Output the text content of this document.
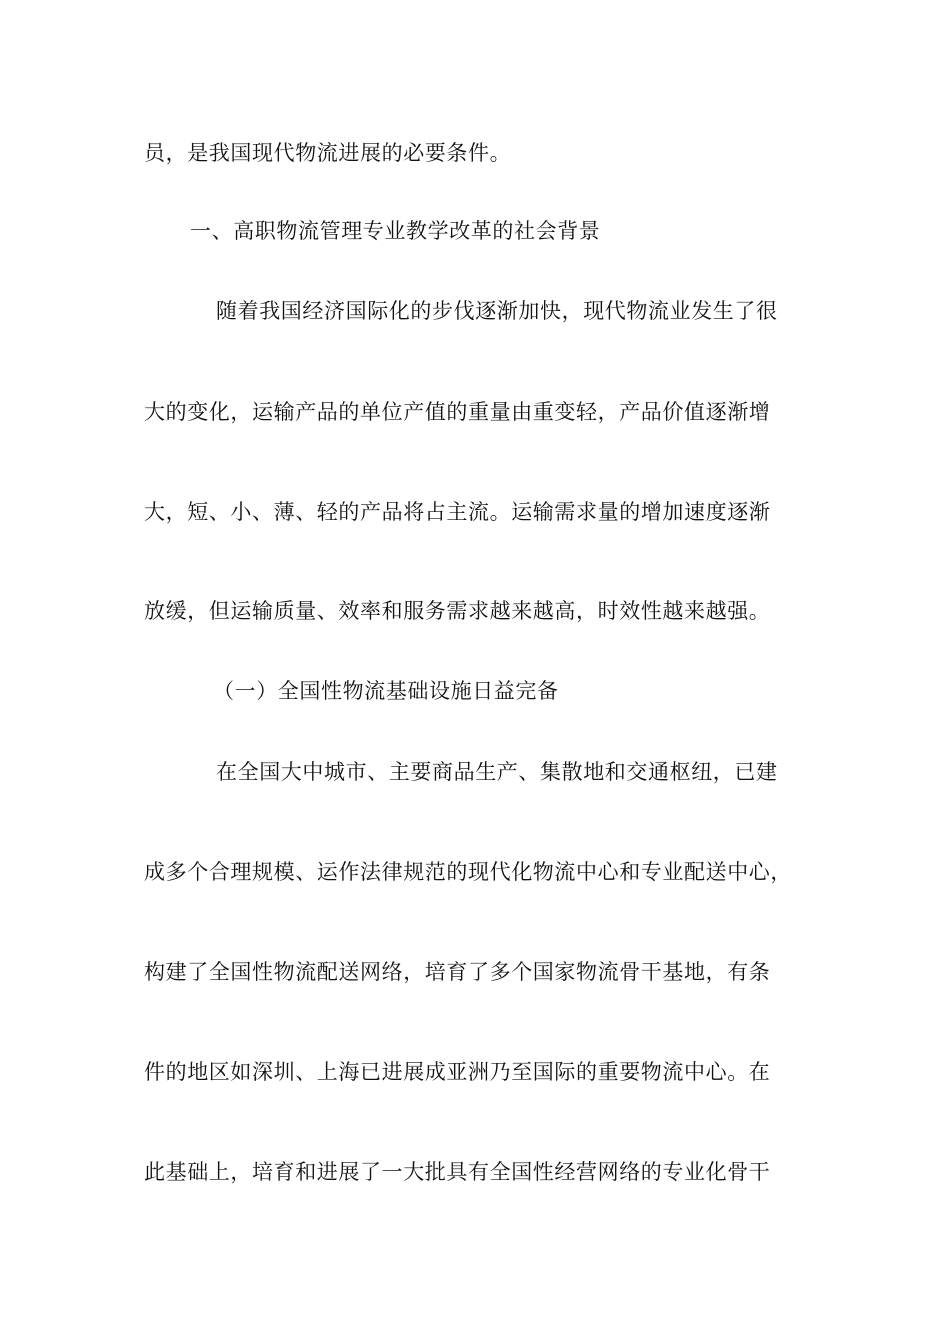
员，是我国现代物流进展的必要条件。
一、高职物流管理专业教学改革的社会背景
随着我国经济国际化的步伐逐渐加快，现代物流业发生了很
大的变化，运输产品的单位产值的重量由重变轻，产品价值逐渐增
大，短、小、薄、轻的产品将占主流。运输需求量的增加速度逐渐
放缓，但运输质量、效率和服务需求越来越高，时效性越来越强。
（一）全国性物流基础设施日益完备
在全国大中城市、主要商品生产、集散地和交通枢纽，已建
成多个合理规模、运作法律规范的现代化物流中心和专业配送中心，
构建了全国性物流配送网络，培育了多个国家物流骨干基地，有条
件的地区如深圳、上海已进展成亚洲乃至国际的重要物流中心。在
此基础上，培育和进展了一大批具有全国性经营网络的专业化骨干
